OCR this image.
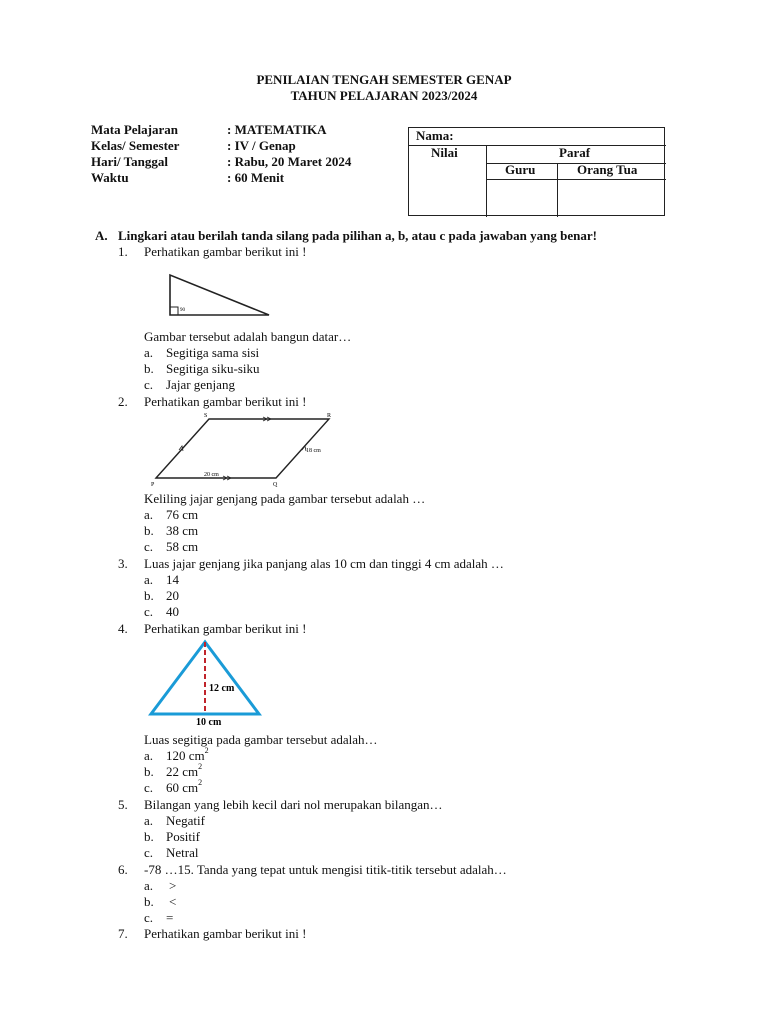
PENILAIAN TENGAH SEMESTER GENAP
TAHUN PELAJARAN 2023/2024
Mata Pelajaran	: MATEMATIKA
Kelas/ Semester	: IV / Genap
Hari/ Tanggal	: Rabu, 20 Maret 2024
Waktu	: 60 Menit
Nama:
Nilai	Paraf
Guru	Orang Tua
A. Lingkari atau berilah tanda silang pada pilihan a, b, atau c pada jawaban yang benar!
1. Perhatikan gambar berikut ini !
90
Gambar tersebut adalah bangun datar…
a. Segitiga sama sisi
b. Segitiga siku-siku
c. Jajar genjang
2. Perhatikan gambar berikut ini !
S	R
P	Q
20 cm
18 cm
Keliling jajar genjang pada gambar tersebut adalah …
a. 76 cm
b. 38 cm
c. 58 cm
3. Luas jajar genjang jika panjang alas 10 cm dan tinggi 4 cm adalah …
a. 14
b. 20
c. 40
4. Perhatikan gambar berikut ini !
12 cm
10 cm
Luas segitiga pada gambar tersebut adalah…
a. 120 $cm^2$
b. 22 $cm^2$
c. 60 $cm^2$
5. Bilangan yang lebih kecil dari nol merupakan bilangan…
a. Negatif
b. Positif
c. Netral
6. -78 …15. Tanda yang tepat untuk mengisi titik-titik tersebut adalah…
a. >
b. <
c. =
7. Perhatikan gambar berikut ini !
